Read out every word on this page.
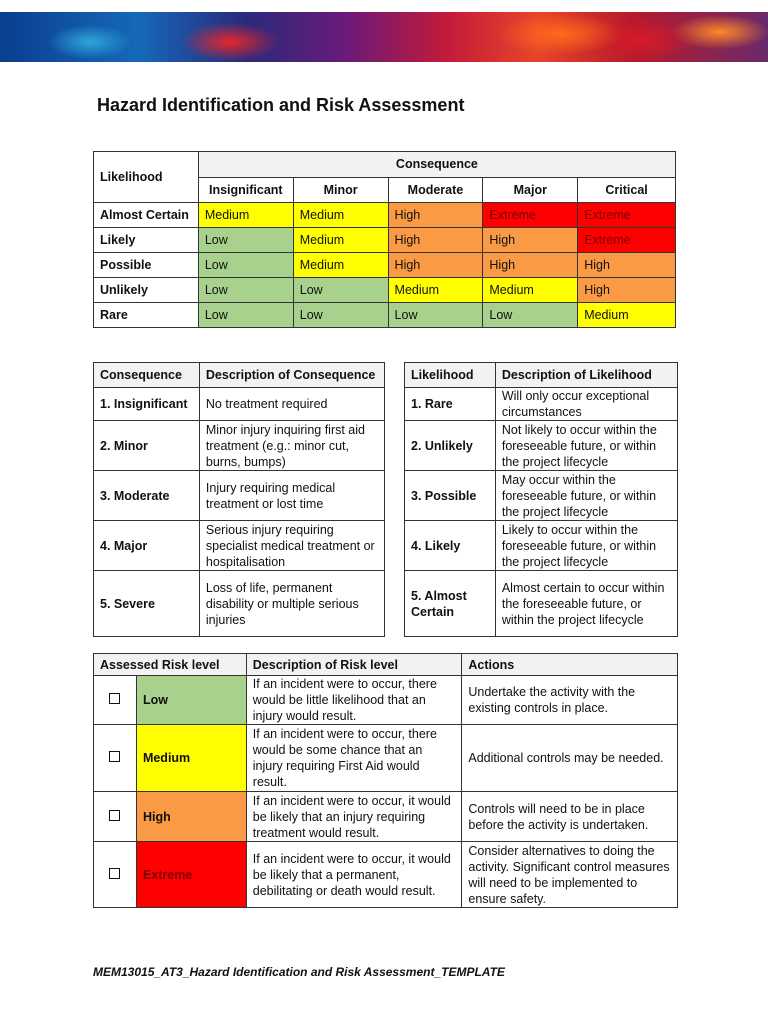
Hazard Identification and Risk Assessment
Likelihood	Consequence				
	Insignificant	Minor	Moderate	Major	Critical
Almost Certain	Medium	Medium	High	Extreme	Extreme
Likely	Low	Medium	High	High	Extreme
Possible	Low	Medium	High	High	High
Unlikely	Low	Low	Medium	Medium	High
Rare	Low	Low	Low	Low	Medium
Consequence	Description of Consequence
1. Insignificant	No treatment required
2. Minor	Minor injury inquiring first aid treatment (e.g.: minor cut, burns, bumps)
3. Moderate	Injury requiring medical treatment or lost time
4. Major	Serious injury requiring specialist medical treatment or hospitalisation
5. Severe	Loss of life, permanent disability or multiple serious injuries
Likelihood	Description of Likelihood
1. Rare	Will only occur exceptional circumstances
2. Unlikely	Not likely to occur within the foreseeable future, or within the project lifecycle
3. Possible	May occur within the foreseeable future, or within the project lifecycle
4. Likely	Likely to occur within the foreseeable future, or within the project lifecycle
5. Almost Certain	Almost certain to occur within the foreseeable future, or within the project lifecycle
Assessed Risk level		Description of Risk level	Actions
	Low	If an incident were to occur, there would be little likelihood that an injury would result.	Undertake the activity with the existing controls in place.
	Medium	If an incident were to occur, there would be some chance that an injury requiring First Aid would result.	Additional controls may be needed.
	High	If an incident were to occur, it would be likely that an injury requiring treatment would result.	Controls will need to be in place before the activity is undertaken.
	Extreme	If an incident were to occur, it would be likely that a permanent, debilitating or death would result.	Consider alternatives to doing the activity. Significant control measures will need to be implemented to ensure safety.

MEM13015_AT3_Hazard Identification and Risk Assessment_TEMPLATE
